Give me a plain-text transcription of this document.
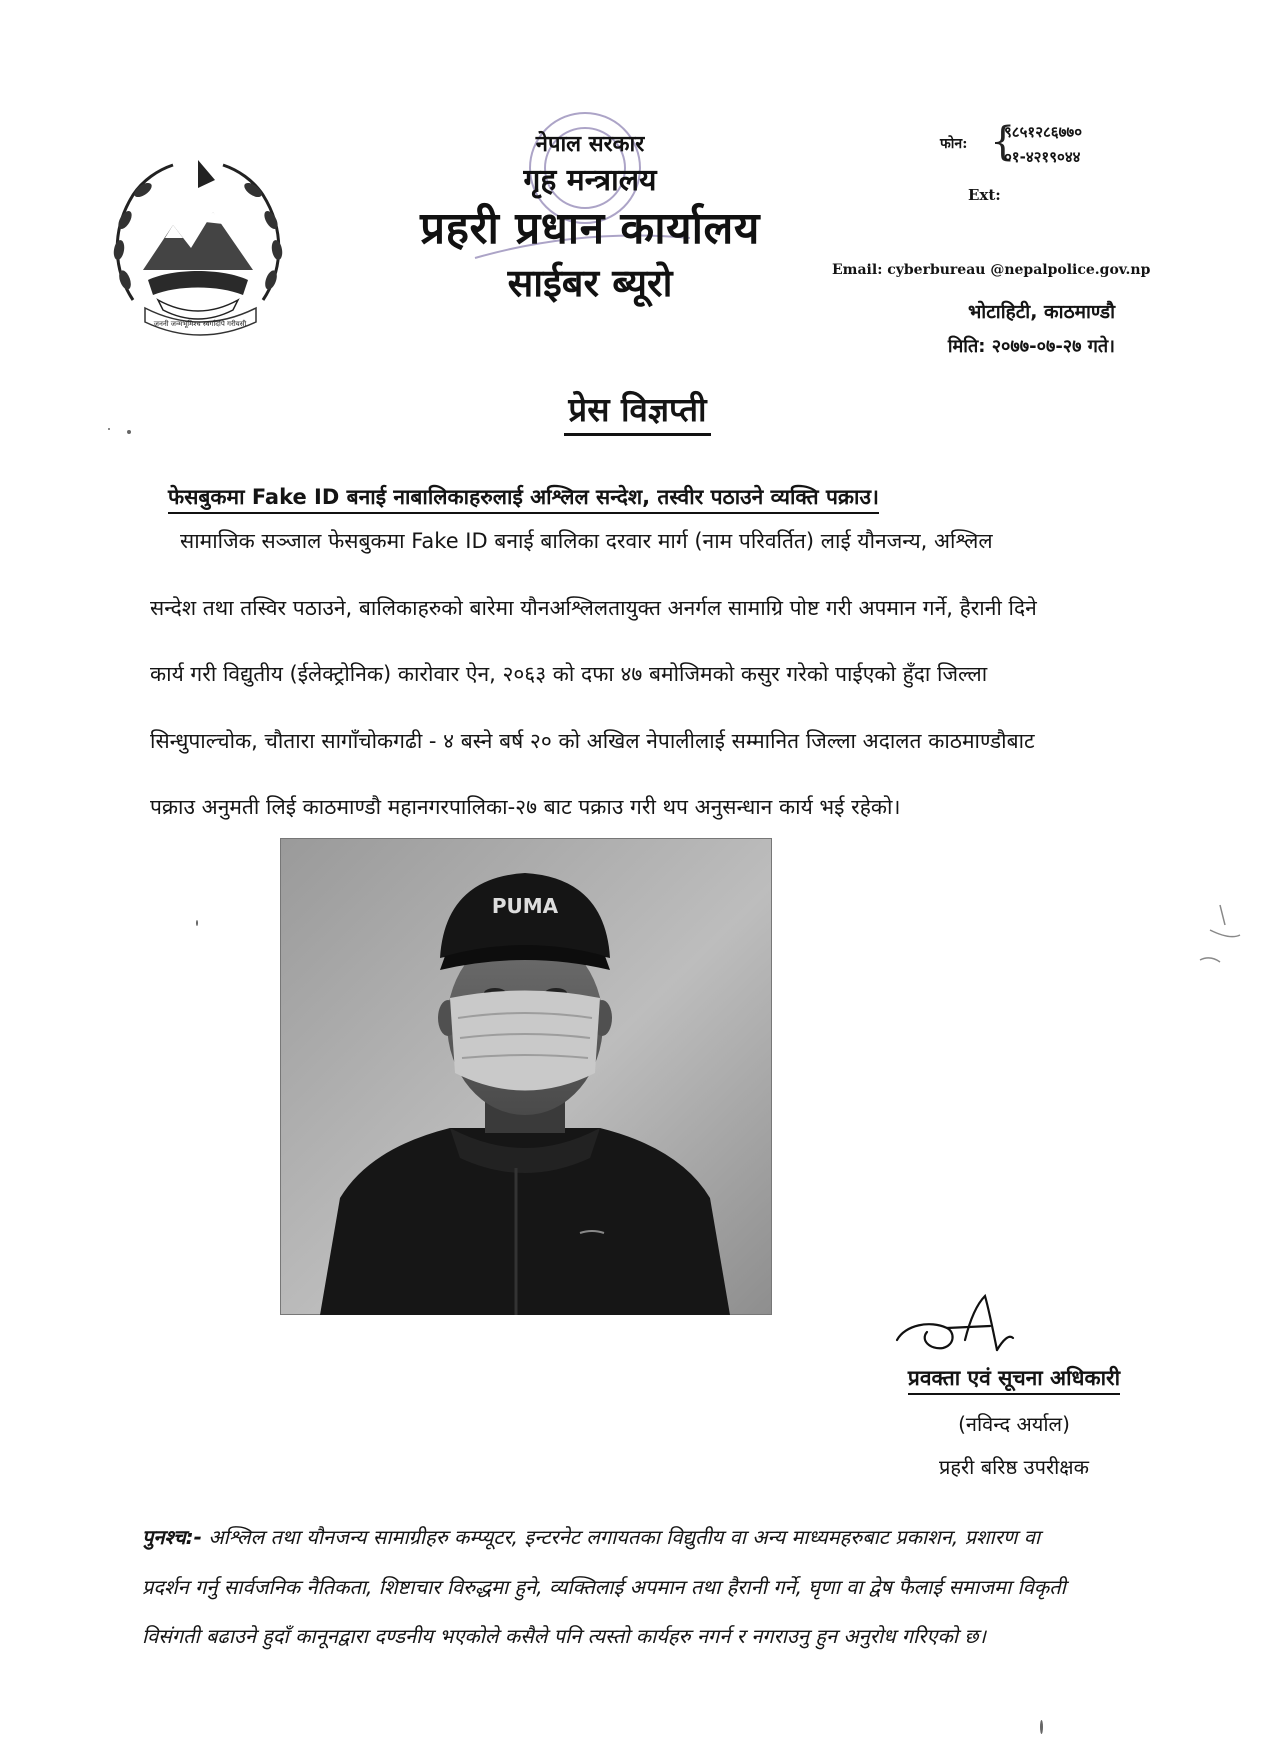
जननी जन्मभूमिश्च स्वर्गादपि गरीयसी
नेपाल सरकार
गृह मन्त्रालय
प्रहरी प्रधान कार्यालय
साईबर ब्यूरो
फोन: {
९८५१२८६७७०
०१-४२१९०४४
Ext:
Email: cyberbureau @nepalpolice.gov.np
भोटाहिटी, काठमाण्डौ
मिति: २०७७-०७-२७ गते।
प्रेस विज्ञप्ती
फेसबुकमा Fake ID बनाई नाबालिकाहरुलाई अश्लिल सन्देश, तस्वीर पठाउने व्यक्ति पक्राउ।
सामाजिक सञ्जाल फेसबुकमा Fake ID बनाई बालिका दरवार मार्ग (नाम परिवर्तित) लाई यौनजन्य, अश्लिल
सन्देश तथा तस्विर पठाउने, बालिकाहरुको बारेमा यौनअश्लिलतायुक्त अनर्गल सामाग्रि पोष्ट गरी अपमान गर्ने, हैरानी दिने
कार्य गरी विद्युतीय (ईलेक्ट्रोनिक) कारोवार ऐन, २०६३ को दफा ४७ बमोजिमको कसुर गरेको पाईएको हुँदा जिल्ला
सिन्धुपाल्चोक, चौतारा सागाँचोकगढी - ४ बस्ने बर्ष २० को अखिल नेपालीलाई सम्मानित जिल्ला अदालत काठमाण्डौबाट
पक्राउ अनुमती लिई काठमाण्डौ महानगरपालिका-२७ बाट पक्राउ गरी थप अनुसन्धान कार्य भई रहेको।
PUMA
प्रवक्ता एवं सूचना अधिकारी
(नविन्द अर्याल)
प्रहरी बरिष्ठ उपरीक्षक
पुनश्च:- अश्लिल तथा यौनजन्य सामाग्रीहरु कम्प्यूटर, इन्टरनेट लगायतका विद्युतीय वा अन्य माध्यमहरुबाट प्रकाशन, प्रशारण वा
प्रदर्शन गर्नु सार्वजनिक नैतिकता, शिष्टाचार विरुद्धमा हुने, व्यक्तिलाई अपमान तथा हैरानी गर्ने, घृणा वा द्वेष फैलाई समाजमा विकृती
विसंगती बढाउने हुदाँ कानूनद्वारा दण्डनीय भएकोले कसैले पनि त्यस्तो कार्यहरु नगर्न र नगराउनु हुन अनुरोध गरिएको छ।
